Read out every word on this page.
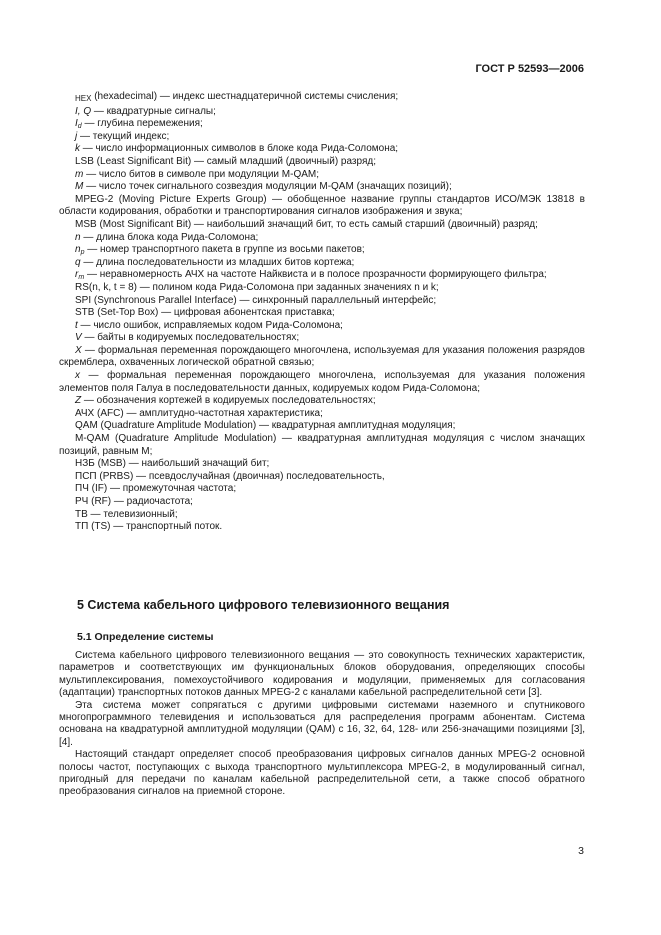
ГОСТ Р 52593—2006
$_{HEX}$ (hexadecimal) — индекс шестнадцатеричной системы счисления;
I, Q — квадратурные сигналы;
$I_d$ — глубина перемежения;
j — текущий индекс;
k — число информационных символов в блоке кода Рида-Соломона;
LSB (Least Significant Bit) — самый младший (двоичный) разряд;
m — число битов в символе при модуляции M-QAM;
M — число точек сигнального созвездия модуляции M-QAM (значащих позиций);
MPEG-2 (Moving Picture Experts Group) — обобщенное название группы стандартов ИСО/МЭК 13818 в области кодирования, обработки и транспортирования сигналов изображения и звука;
MSB (Most Significant Bit) — наибольший значащий бит, то есть самый старший (двоичный) разряд;
n — длина блока кода Рида-Соломона;
$n_p$ — номер транспортного пакета в группе из восьми пакетов;
q — длина последовательности из младших битов кортежа;
$r_m$ — неравномерность АЧХ на частоте Найквиста и в полосе прозрачности формирующего фильтра;
RS(n, k, t = 8) — полином кода Рида-Соломона при заданных значениях n и k;
SPI (Synchronous Parallel Interface) — синхронный параллельный интерфейс;
STB (Set-Top Box) — цифровая абонентская приставка;
t — число ошибок, исправляемых кодом Рида-Соломона;
V — байты в кодируемых последовательностях;
X — формальная переменная порождающего многочлена, используемая для указания положения разрядов скремблера, охваченных логической обратной связью;
x — формальная переменная порождающего многочлена, используемая для указания положения элементов поля Галуа в последовательности данных, кодируемых кодом Рида-Соломона;
Z — обозначения кортежей в кодируемых последовательностях;
АЧХ (AFC) — амплитудно-частотная характеристика;
QAM (Quadrature Amplitude Modulation) — квадратурная амплитудная модуляция;
M-QAM (Quadrature Amplitude Modulation) — квадратурная амплитудная модуляция с числом значащих позиций, равным M;
НЗБ (MSB) — наибольший значащий бит;
ПСП (PRBS) — псевдослучайная (двоичная) последовательность,
ПЧ (IF) — промежуточная частота;
РЧ (RF) — радиочастота;
ТВ — телевизионный;
ТП (TS) — транспортный поток.
5 Система кабельного цифрового телевизионного вещания
5.1 Определение системы

Система кабельного цифрового телевизионного вещания — это совокупность технических характеристик, параметров и соответствующих им функциональных блоков оборудования, определяющих способы мультиплексирования, помехоустойчивого кодирования и модуляции, применяемых для согласования (адаптации) транспортных потоков данных MPEG-2 с каналами кабельной распределительной сети [3].

Эта система может сопрягаться с другими цифровыми системами наземного и спутникового многопрограммного телевидения и использоваться для распределения программ абонентам. Система основана на квадратурной амплитудной модуляции (QAM) с 16, 32, 64, 128- или 256-значащими позициями [3], [4].

Настоящий стандарт определяет способ преобразования цифровых сигналов данных MPEG-2 основной полосы частот, поступающих с выхода транспортного мультиплексора MPEG-2, в модулированный сигнал, пригодный для передачи по каналам кабельной распределительной сети, а также способ обратного преобразования сигналов на приемной стороне.

3
